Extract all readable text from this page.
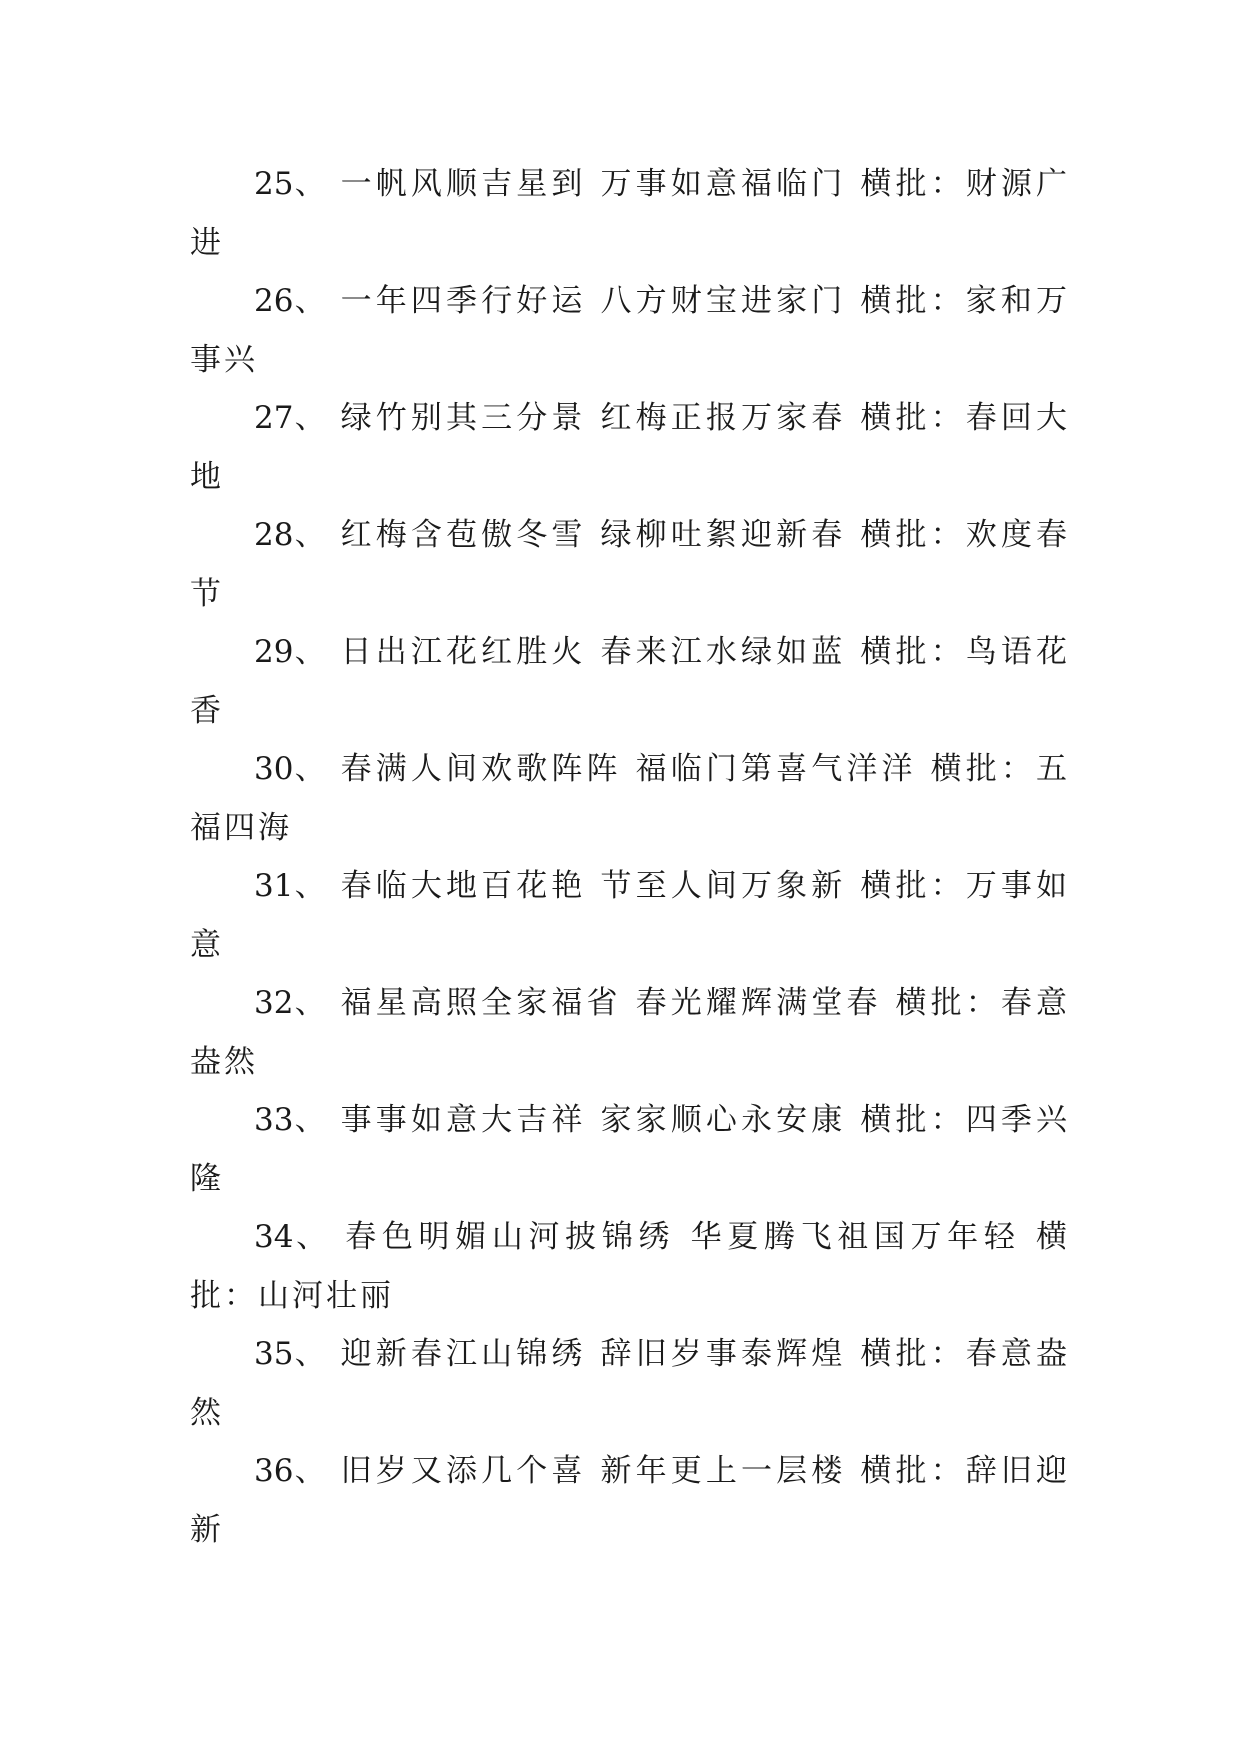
25、 一帆风顺吉星到 万事如意福临门 横批：财源广进

26、 一年四季行好运 八方财宝进家门 横批：家和万事兴

27、 绿竹别其三分景 红梅正报万家春 横批：春回大地

28、 红梅含苞傲冬雪 绿柳吐絮迎新春 横批：欢度春节

29、 日出江花红胜火 春来江水绿如蓝 横批：鸟语花香

30、 春满人间欢歌阵阵 福临门第喜气洋洋 横批：五福四海

31、 春临大地百花艳 节至人间万象新 横批：万事如意

32、 福星高照全家福省 春光耀辉满堂春 横批：春意盎然

33、 事事如意大吉祥 家家顺心永安康 横批：四季兴隆

34、 春色明媚山河披锦绣 华夏腾飞祖国万年轻 横批：山河壮丽

35、 迎新春江山锦绣 辞旧岁事泰辉煌 横批：春意盎然

36、 旧岁又添几个喜 新年更上一层楼 横批：辞旧迎新
